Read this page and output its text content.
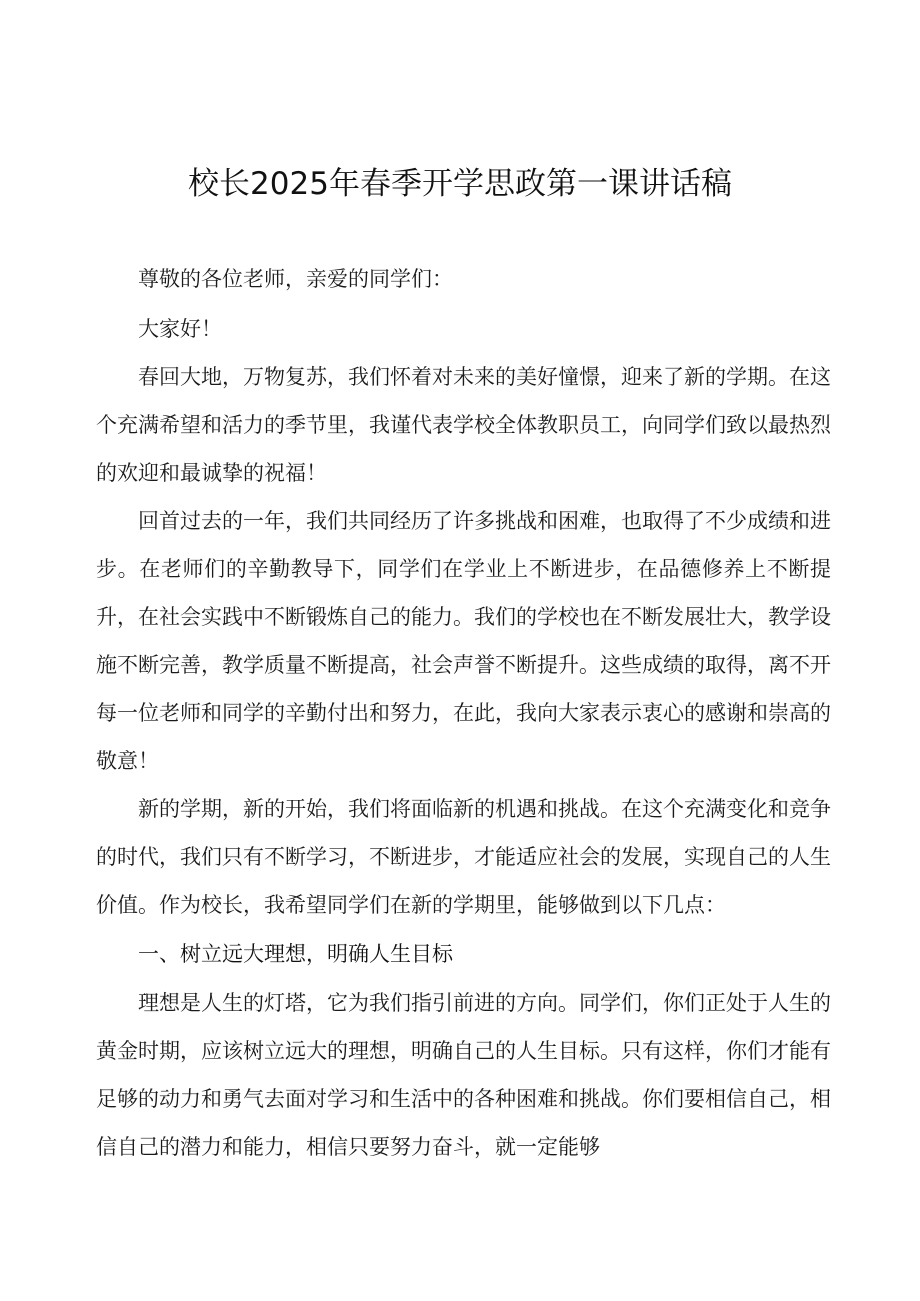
校长2025年春季开学思政第一课讲话稿

尊敬的各位老师，亲爱的同学们：

大家好！

春回大地，万物复苏，我们怀着对未来的美好憧憬，迎来了新的学期。在这个充满希望和活力的季节里，我谨代表学校全体教职员工，向同学们致以最热烈的欢迎和最诚挚的祝福！

回首过去的一年，我们共同经历了许多挑战和困难，也取得了不少成绩和进步。在老师们的辛勤教导下，同学们在学业上不断进步，在品德修养上不断提升，在社会实践中不断锻炼自己的能力。我们的学校也在不断发展壮大，教学设施不断完善，教学质量不断提高，社会声誉不断提升。这些成绩的取得，离不开每一位老师和同学的辛勤付出和努力，在此，我向大家表示衷心的感谢和崇高的敬意！

新的学期，新的开始，我们将面临新的机遇和挑战。在这个充满变化和竞争的时代，我们只有不断学习，不断进步，才能适应社会的发展，实现自己的人生价值。作为校长，我希望同学们在新的学期里，能够做到以下几点：

一、树立远大理想，明确人生目标

理想是人生的灯塔，它为我们指引前进的方向。同学们，你们正处于人生的黄金时期，应该树立远大的理想，明确自己的人生目标。只有这样，你们才能有足够的动力和勇气去面对学习和生活中的各种困难和挑战。你们要相信自己，相信自己的潜力和能力，相信只要努力奋斗，就一定能够
